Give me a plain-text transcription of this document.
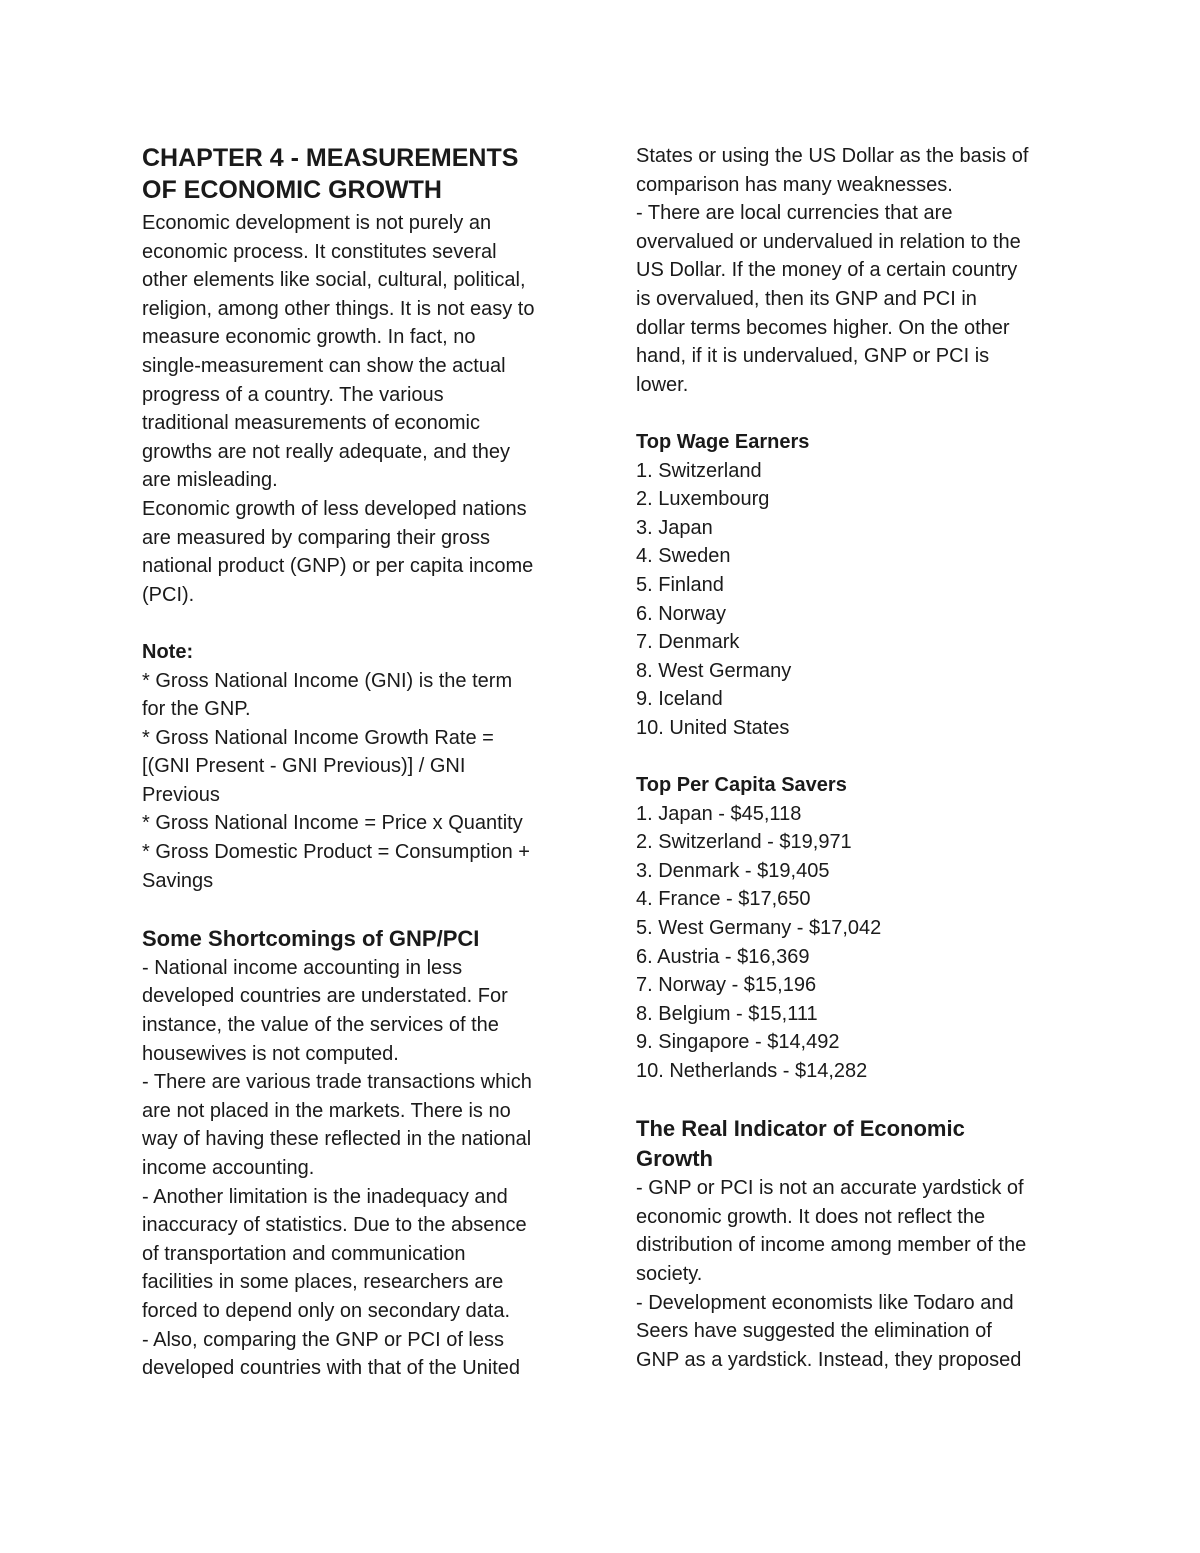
CHAPTER 4 - MEASUREMENTS
OF ECONOMIC GROWTH
Economic development is not purely an
economic process. It constitutes several
other elements like social, cultural, political,
religion, among other things. It is not easy to
measure economic growth. In fact, no
single-measurement can show the actual
progress of a country. The various
traditional measurements of economic
growths are not really adequate, and they
are misleading.
Economic growth of less developed nations
are measured by comparing their gross
national product (GNP) or per capita income
(PCI).
Note:
* Gross National Income (GNI) is the term
for the GNP.
* Gross National Income Growth Rate =
[(GNI Present - GNI Previous)] / GNI
Previous
* Gross National Income = Price x Quantity
* Gross Domestic Product = Consumption +
Savings
Some Shortcomings of GNP/PCI
- National income accounting in less
developed countries are understated. For
instance, the value of the services of the
housewives is not computed.
- There are various trade transactions which
are not placed in the markets. There is no
way of having these reflected in the national
income accounting.
- Another limitation is the inadequacy and
inaccuracy of statistics. Due to the absence
of transportation and communication
facilities in some places, researchers are
forced to depend only on secondary data.
- Also, comparing the GNP or PCI of less
developed countries with that of the United
States or using the US Dollar as the basis of
comparison has many weaknesses.
- There are local currencies that are
overvalued or undervalued in relation to the
US Dollar. If the money of a certain country
is overvalued, then its GNP and PCI in
dollar terms becomes higher. On the other
hand, if it is undervalued, GNP or PCI is
lower.
Top Wage Earners
1. Switzerland
2. Luxembourg
3. Japan
4. Sweden
5. Finland
6. Norway
7. Denmark
8. West Germany
9. Iceland
10. United States
Top Per Capita Savers
1. Japan - $45,118
2. Switzerland - $19,971
3. Denmark - $19,405
4. France - $17,650
5. West Germany - $17,042
6. Austria - $16,369
7. Norway - $15,196
8. Belgium - $15,111
9. Singapore - $14,492
10. Netherlands - $14,282
The Real Indicator of Economic
Growth
- GNP or PCI is not an accurate yardstick of
economic growth. It does not reflect the
distribution of income among member of the
society.
- Development economists like Todaro and
Seers have suggested the elimination of
GNP as a yardstick. Instead, they proposed
